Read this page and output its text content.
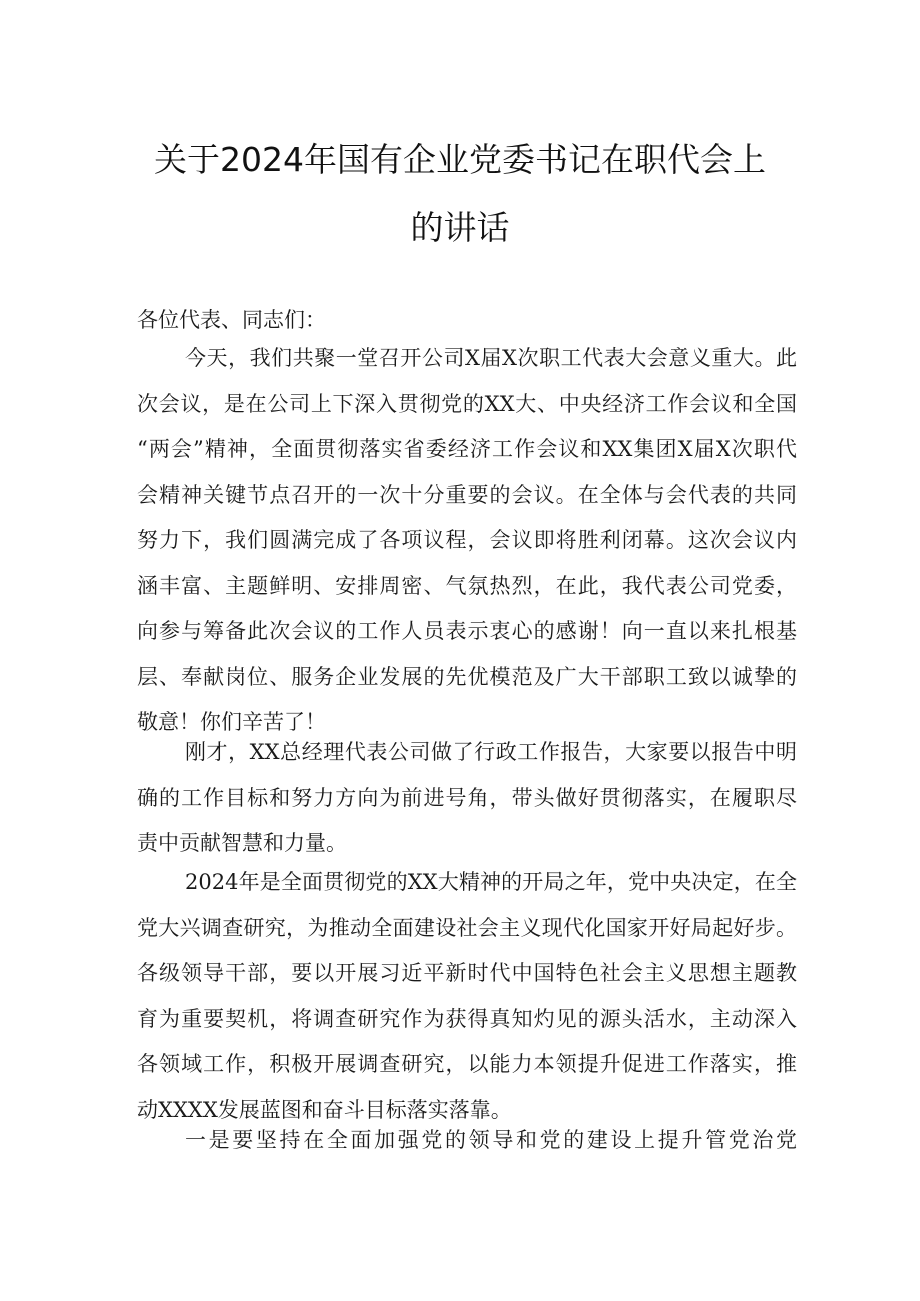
关于2024年国有企业党委书记在职代会上
的讲话
各位代表、同志们：
今天，我们共聚一堂召开公司X届X次职工代表大会意义重大。此
次会议，是在公司上下深入贯彻党的XX大、中央经济工作会议和全国
“两会”精神，全面贯彻落实省委经济工作会议和XX集团X届X次职代
会精神关键节点召开的一次十分重要的会议。在全体与会代表的共同
努力下，我们圆满完成了各项议程，会议即将胜利闭幕。这次会议内
涵丰富、主题鲜明、安排周密、气氛热烈，在此，我代表公司党委，
向参与筹备此次会议的工作人员表示衷心的感谢！向一直以来扎根基
层、奉献岗位、服务企业发展的先优模范及广大干部职工致以诚挚的
敬意！你们辛苦了！
刚才，XX总经理代表公司做了行政工作报告，大家要以报告中明
确的工作目标和努力方向为前进号角，带头做好贯彻落实，在履职尽
责中贡献智慧和力量。
2024年是全面贯彻党的XX大精神的开局之年，党中央决定，在全
党大兴调查研究，为推动全面建设社会主义现代化国家开好局起好步。
各级领导干部，要以开展习近平新时代中国特色社会主义思想主题教
育为重要契机，将调查研究作为获得真知灼见的源头活水，主动深入
各领域工作，积极开展调查研究，以能力本领提升促进工作落实，推
动XXXX发展蓝图和奋斗目标落实落靠。
一是要坚持在全面加强党的领导和党的建设上提升管党治党
